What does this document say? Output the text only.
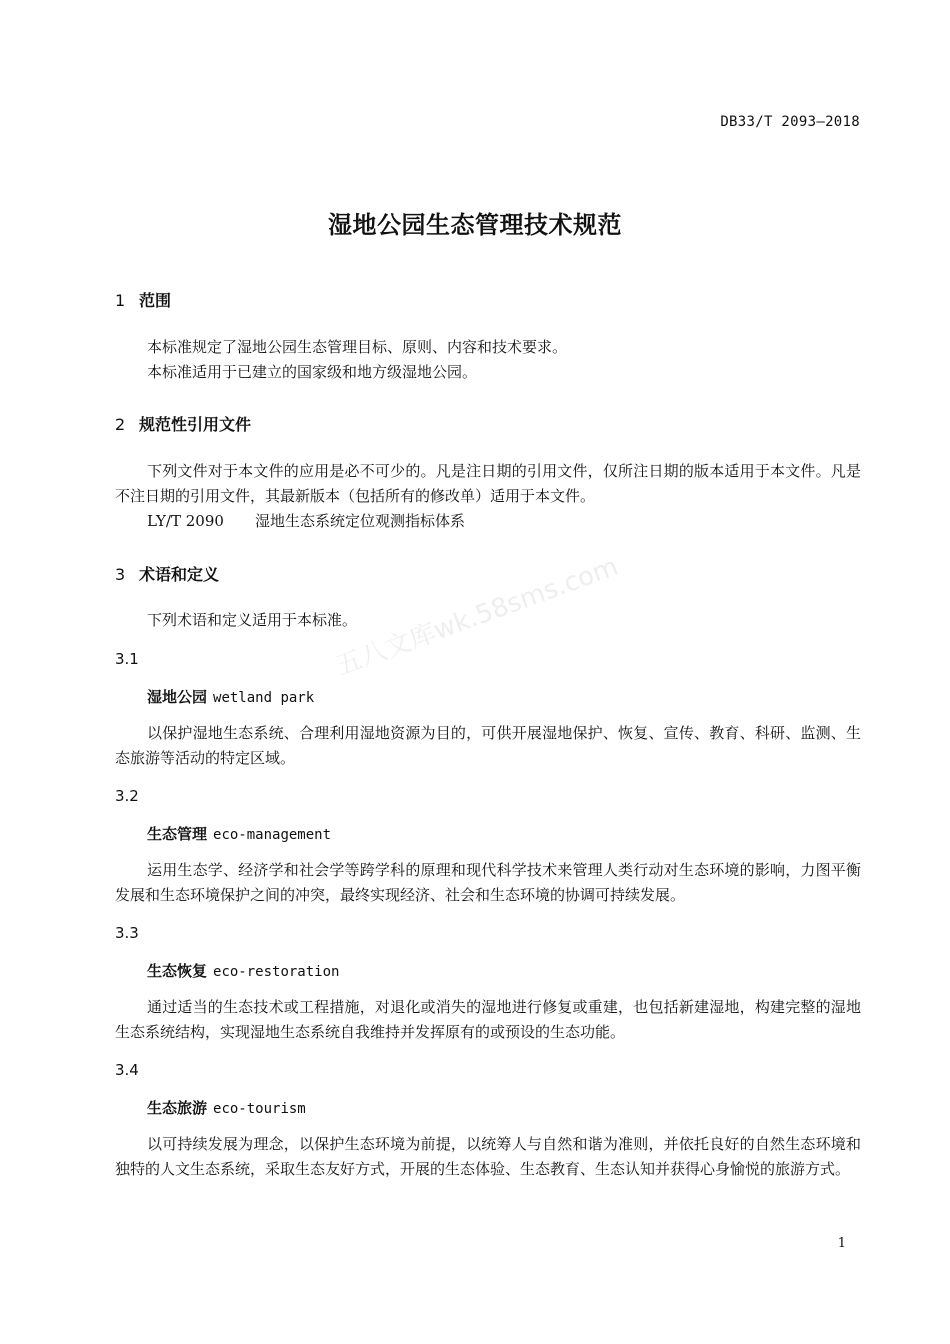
DB33/T 2093—2018
湿地公园生态管理技术规范
1 范围
本标准规定了湿地公园生态管理目标、原则、内容和技术要求。
本标准适用于已建立的国家级和地方级湿地公园。
2 规范性引用文件
下列文件对于本文件的应用是必不可少的。凡是注日期的引用文件，仅所注日期的版本适用于本文件。凡是不注日期的引用文件，其最新版本（包括所有的修改单）适用于本文件。
LY/T 2090 湿地生态系统定位观测指标体系
3 术语和定义
下列术语和定义适用于本标准。
3.1
湿地公园 wetland park
以保护湿地生态系统、合理利用湿地资源为目的，可供开展湿地保护、恢复、宣传、教育、科研、监测、生态旅游等活动的特定区域。
3.2
生态管理 eco-management
运用生态学、经济学和社会学等跨学科的原理和现代科学技术来管理人类行动对生态环境的影响，力图平衡发展和生态环境保护之间的冲突，最终实现经济、社会和生态环境的协调可持续发展。
3.3
生态恢复 eco-restoration
通过适当的生态技术或工程措施，对退化或消失的湿地进行修复或重建，也包括新建湿地，构建完整的湿地生态系统结构，实现湿地生态系统自我维持并发挥原有的或预设的生态功能。
3.4
生态旅游 eco-tourism
以可持续发展为理念，以保护生态环境为前提，以统筹人与自然和谐为准则，并依托良好的自然生态环境和独特的人文生态系统，采取生态友好方式，开展的生态体验、生态教育、生态认知并获得心身愉悦的旅游方式。
1
五八文库wk.58sms.com
